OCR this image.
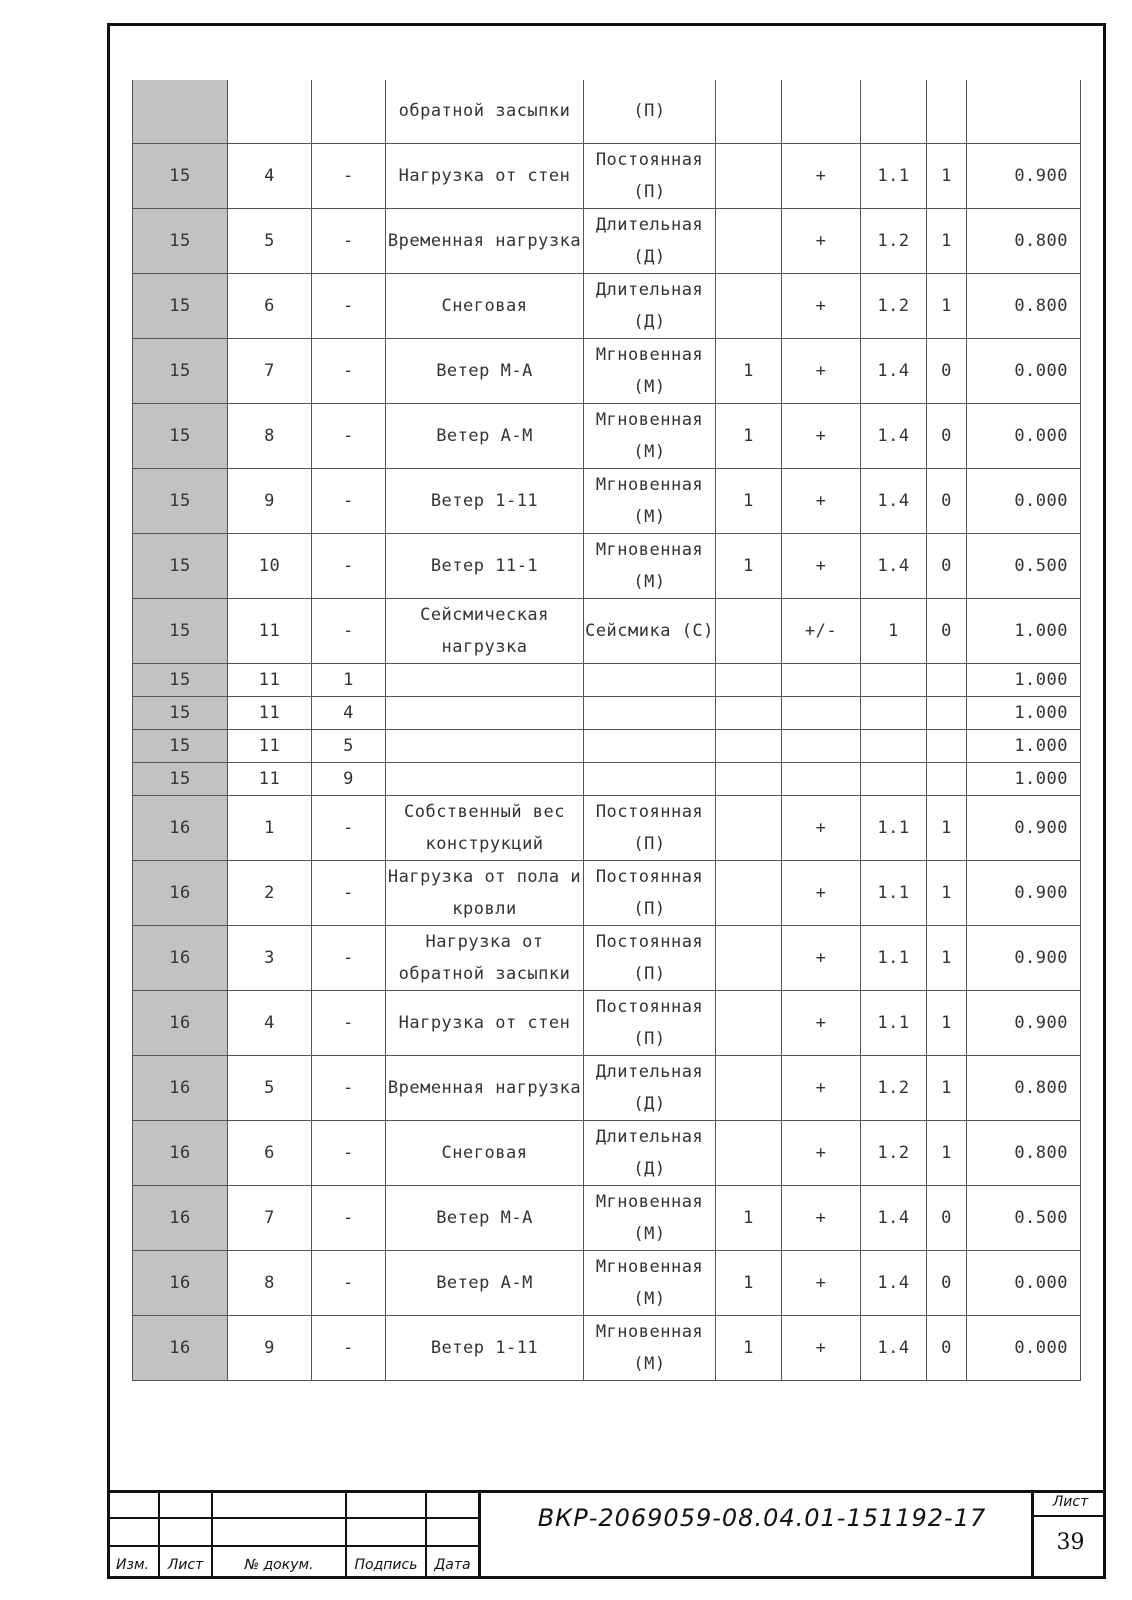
			обратной засыпки	(П)					
15	4	-	Нагрузка от стен	Постоянная (П)		+	1.1	1	0.900
15	5	-	Временная нагрузка	Длительная (Д)		+	1.2	1	0.800
15	6	-	Снеговая	Длительная (Д)		+	1.2	1	0.800
15	7	-	Ветер М-А	Мгновенная (М)	1	+	1.4	0	0.000
15	8	-	Ветер А-М	Мгновенная (М)	1	+	1.4	0	0.000
15	9	-	Ветер 1-11	Мгновенная (М)	1	+	1.4	0	0.000
15	10	-	Ветер 11-1	Мгновенная (М)	1	+	1.4	0	0.500
15	11	-	Сейсмическая нагрузка	Сейсмика (С)		+/-	1	0	1.000
15	11	1							1.000
15	11	4							1.000
15	11	5							1.000
15	11	9							1.000
16	1	-	Собственный вес конструкций	Постоянная (П)		+	1.1	1	0.900
16	2	-	Нагрузка от пола и кровли	Постоянная (П)		+	1.1	1	0.900
16	3	-	Нагрузка от обратной засыпки	Постоянная (П)		+	1.1	1	0.900
16	4	-	Нагрузка от стен	Постоянная (П)		+	1.1	1	0.900
16	5	-	Временная нагрузка	Длительная (Д)		+	1.2	1	0.800
16	6	-	Снеговая	Длительная (Д)		+	1.2	1	0.800
16	7	-	Ветер М-А	Мгновенная (М)	1	+	1.4	0	0.500
16	8	-	Ветер А-М	Мгновенная (М)	1	+	1.4	0	0.000
16	9	-	Ветер 1-11	Мгновенная (М)	1	+	1.4	0	0.000
Изм.	Лист	№ докум.	Подпись	Дата
ВКР-2069059-08.04.01-151192-17
Лист
39
